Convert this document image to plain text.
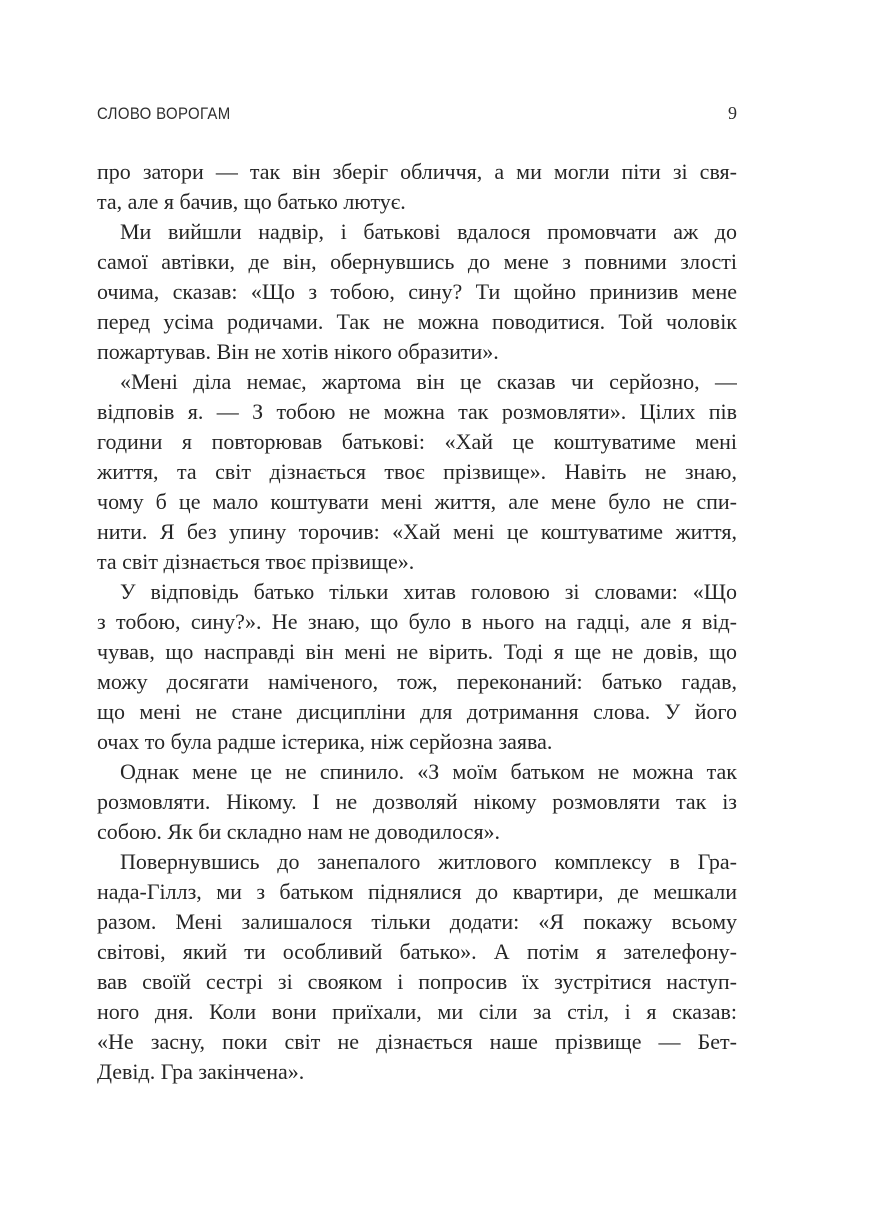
СЛОВО ВОРОГАМ	9
про затори — так він зберіг обличчя, а ми могли піти зі свя-
та, але я бачив, що батько лютує.
Ми вийшли надвір, і батькові вдалося промовчати аж до
самої автівки, де він, обернувшись до мене з повними злості
очима, сказав: «Що з тобою, сину? Ти щойно принизив мене
перед усіма родичами. Так не можна поводитися. Той чоловік
пожартував. Він не хотів нікого образити».
«Мені діла немає, жартома він це сказав чи серйозно, —
відповів я. — З тобою не можна так розмовляти». Цілих пів
години я повторював батькові: «Хай це коштуватиме мені
життя, та світ дізнається твоє прізвище». Навіть не знаю,
чому б це мало коштувати мені життя, але мене було не спи-
нити. Я без упину торочив: «Хай мені це коштуватиме життя,
та світ дізнається твоє прізвище».
У відповідь батько тільки хитав головою зі словами: «Що
з тобою, сину?». Не знаю, що було в нього на гадці, але я від-
чував, що насправді він мені не вірить. Тоді я ще не довів, що
можу досягати наміченого, тож, переконаний: батько гадав,
що мені не стане дисципліни для дотримання слова. У його
очах то була радше істерика, ніж серйозна заява.
Однак мене це не спинило. «З моїм батьком не можна так
розмовляти. Нікому. І не дозволяй нікому розмовляти так із
собою. Як би складно нам не доводилося».
Повернувшись до занепалого житлового комплексу в Гра-
нада-Гіллз, ми з батьком піднялися до квартири, де мешкали
разом. Мені залишалося тільки додати: «Я покажу всьому
світові, який ти особливий батько». А потім я зателефону-
вав своїй сестрі зі свояком і попросив їх зустрітися наступ-
ного дня. Коли вони приїхали, ми сіли за стіл, і я сказав:
«Не засну, поки світ не дізнається наше прізвище — Бет-
Девід. Гра закінчена».
